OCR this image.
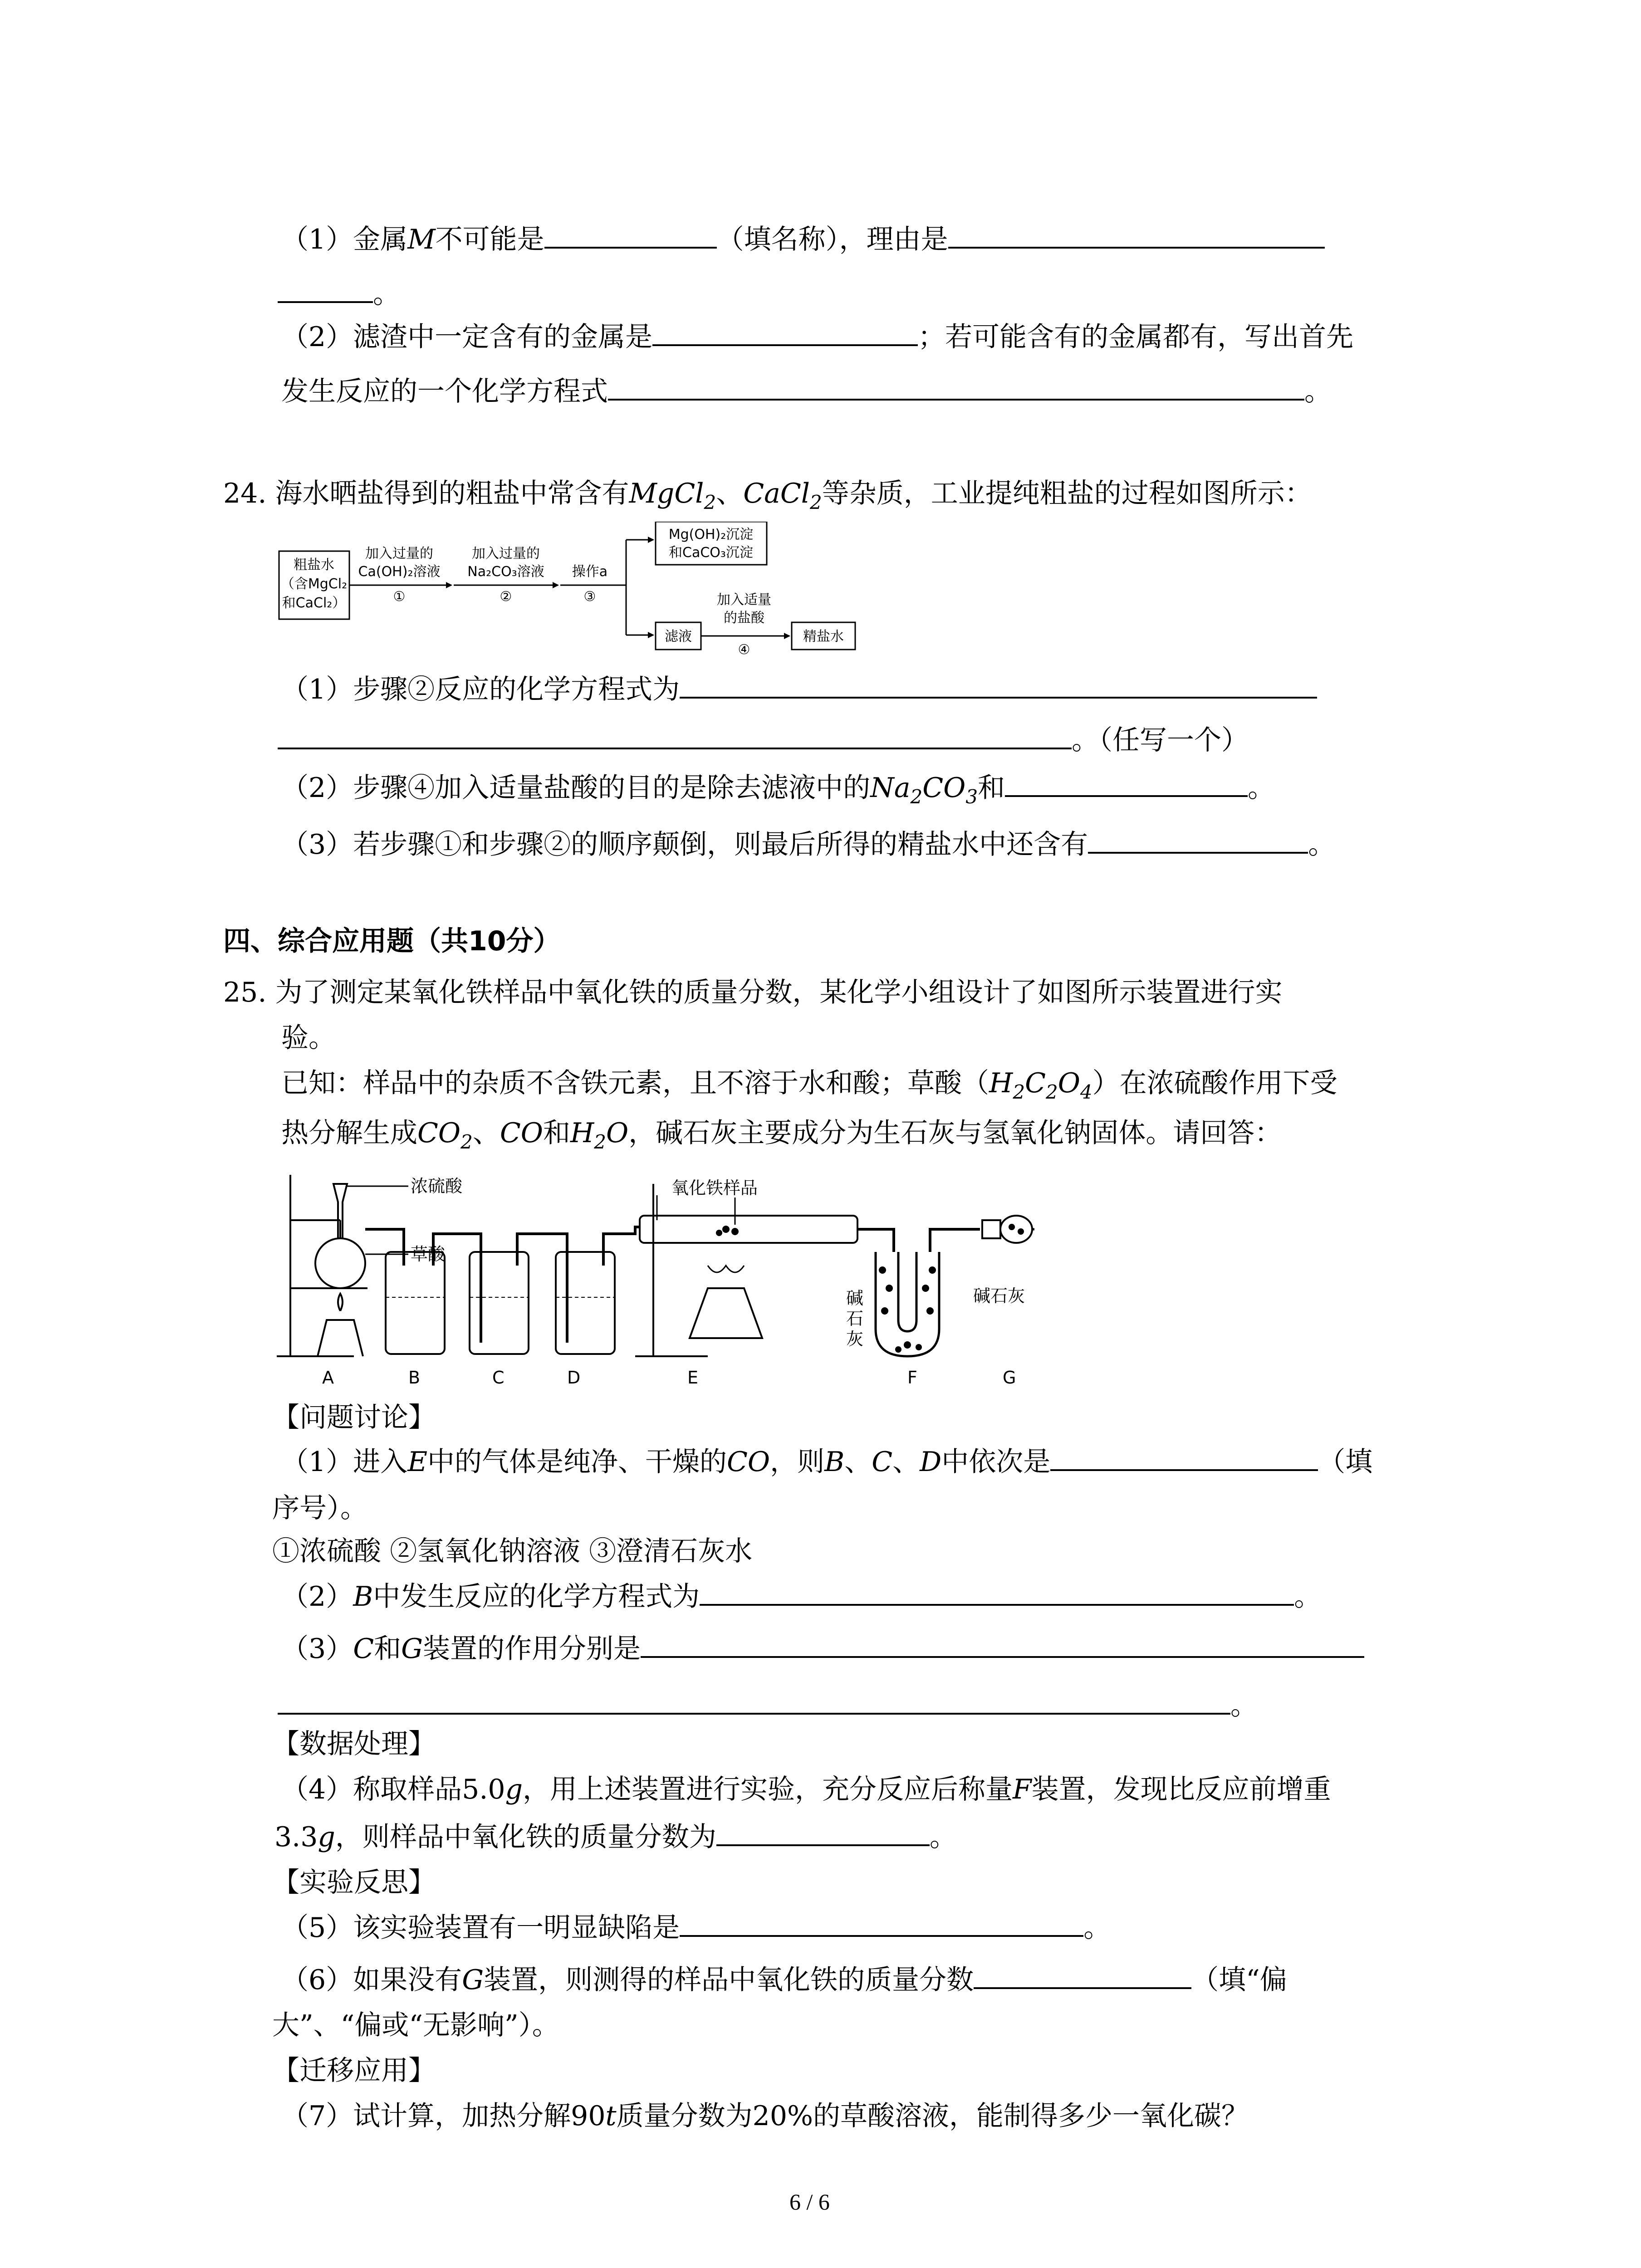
（1）金属M不可能是	（填名称），理由是
。
（2）滤渣中一定含有的金属是	；若可能含有的金属都有，写出首先
发生反应的一个化学方程式	。
24. 海水晒盐得到的粗盐中常含有MgCl$_2$、CaCl$_2$等杂质，工业提纯粗盐的过程如图所示：
粗盐水
（含MgCl₂
和CaCl₂）
加入过量的
Ca(OH)₂溶液
①
加入过量的
Na₂CO₃溶液
②
操作a
③
Mg(OH)₂沉淀
和CaCO₃沉淀
滤液
加入适量
的盐酸
④
精盐水
（1）步骤②反应的化学方程式为
。（任写一个）
（2）步骤④加入适量盐酸的目的是除去滤液中的$Na_2CO_3$和	。
（3）若步骤①和步骤②的顺序颠倒，则最后所得的精盐水中还含有	。
四、综合应用题（共10分）
25. 为了测定某氧化铁样品中氧化铁的质量分数，某化学小组设计了如图所示装置进行实
验。
已知：样品中的杂质不含铁元素，且不溶于水和酸；草酸$(H_2C_2O_4)$在浓硫酸作用下受
热分解生成$CO_2$、CO和$H_2O$，碱石灰主要成分为生石灰与氢氧化钠固体。请回答：
浓硫酸
草酸
氧化铁样品
碱
石
灰
碱石灰
A	B	C	D	E	F	G
【问题讨论】
（1）进入E中的气体是纯净、干燥的CO，则B、C、D中依次是	（填
序号）。
①浓硫酸 ②氢氧化钠溶液 ③澄清石灰水
（2）B中发生反应的化学方程式为	。
（3）C和G装置的作用分别是
。
【数据处理】
（4）称取样品5.0g，用上述装置进行实验，充分反应后称量F装置，发现比反应前增重
3.3g，则样品中氧化铁的质量分数为	。
【实验反思】
（5）该实验装置有一明显缺陷是	。
（6）如果没有G装置，则测得的样品中氧化铁的质量分数	（填“偏
大”、“偏或“无影响”）。
【迁移应用】
（7）试计算，加热分解90t质量分数为20%的草酸溶液，能制得多少一氧化碳？
6 / 6
